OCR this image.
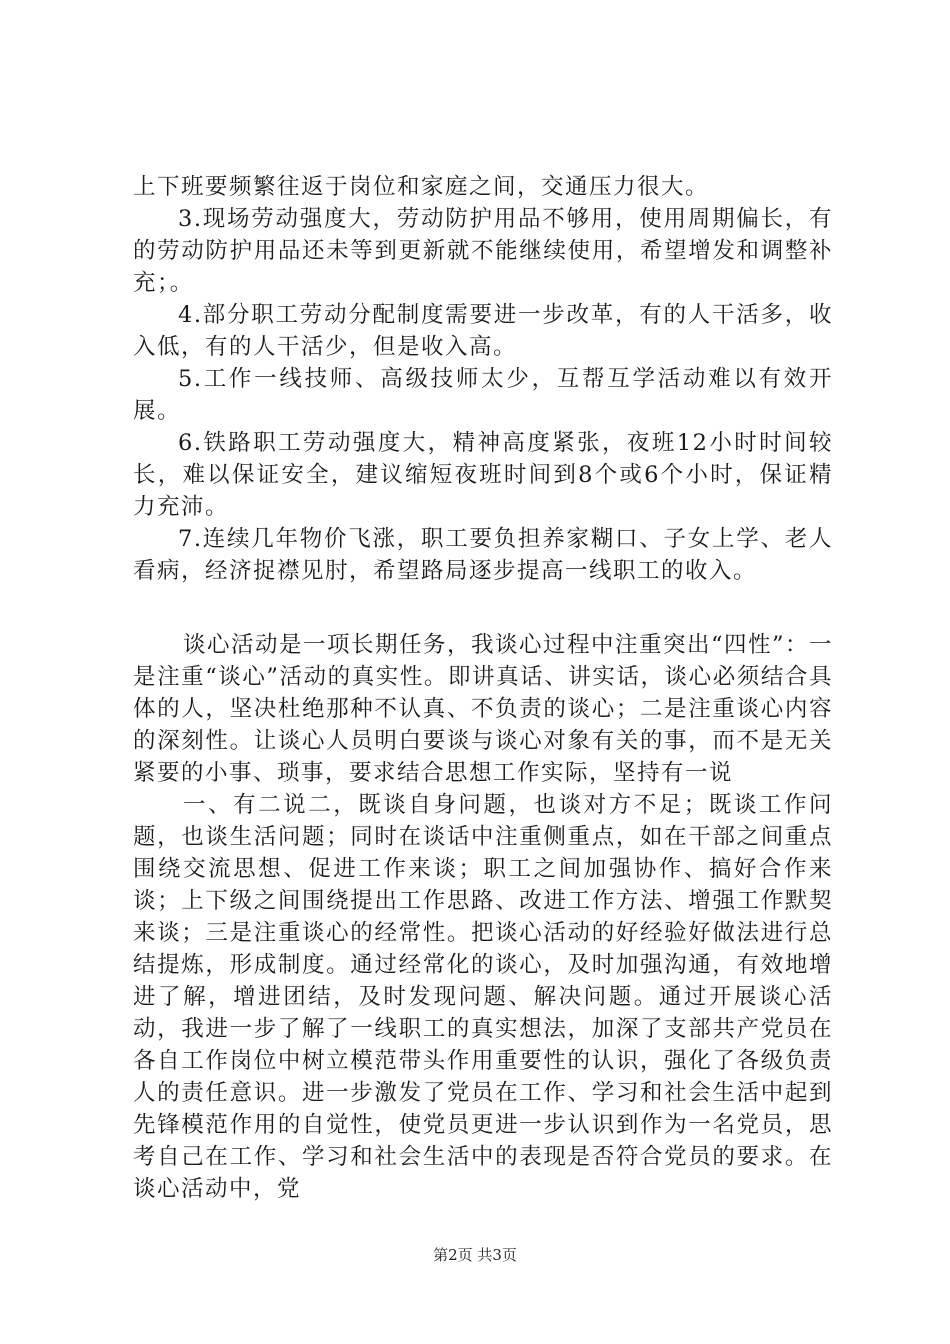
上下班要频繁往返于岗位和家庭之间，交通压力很大。

3.现场劳动强度大，劳动防护用品不够用，使用周期偏长，有的劳动防护用品还未等到更新就不能继续使用，希望增发和调整补充；。

4.部分职工劳动分配制度需要进一步改革，有的人干活多，收入低，有的人干活少，但是收入高。

5.工作一线技师、高级技师太少，互帮互学活动难以有效开展。

6.铁路职工劳动强度大，精神高度紧张，夜班12小时时间较长，难以保证安全，建议缩短夜班时间到8个或6个小时，保证精力充沛。

7.连续几年物价飞涨，职工要负担养家糊口、子女上学、老人看病，经济捉襟见肘，希望路局逐步提高一线职工的收入。

谈心活动是一项长期任务，我谈心过程中注重突出“四性”：一是注重“谈心”活动的真实性。即讲真话、讲实话，谈心必须结合具体的人，坚决杜绝那种不认真、不负责的谈心；二是注重谈心内容的深刻性。让谈心人员明白要谈与谈心对象有关的事，而不是无关紧要的小事、琐事，要求结合思想工作实际，坚持有一说

一、有二说二，既谈自身问题，也谈对方不足；既谈工作问题，也谈生活问题；同时在谈话中注重侧重点，如在干部之间重点围绕交流思想、促进工作来谈；职工之间加强协作、搞好合作来谈；上下级之间围绕提出工作思路、改进工作方法、增强工作默契来谈；三是注重谈心的经常性。把谈心活动的好经验好做法进行总结提炼，形成制度。通过经常化的谈心，及时加强沟通，有效地增进了解，增进团结，及时发现问题、解决问题。通过开展谈心活动，我进一步了解了一线职工的真实想法，加深了支部共产党员在各自工作岗位中树立模范带头作用重要性的认识，强化了各级负责人的责任意识。进一步激发了党员在工作、学习和社会生活中起到先锋模范作用的自觉性，使党员更进一步认识到作为一名党员，思考自己在工作、学习和社会生活中的表现是否符合党员的要求。在谈心活动中，党

第2页 共3页
